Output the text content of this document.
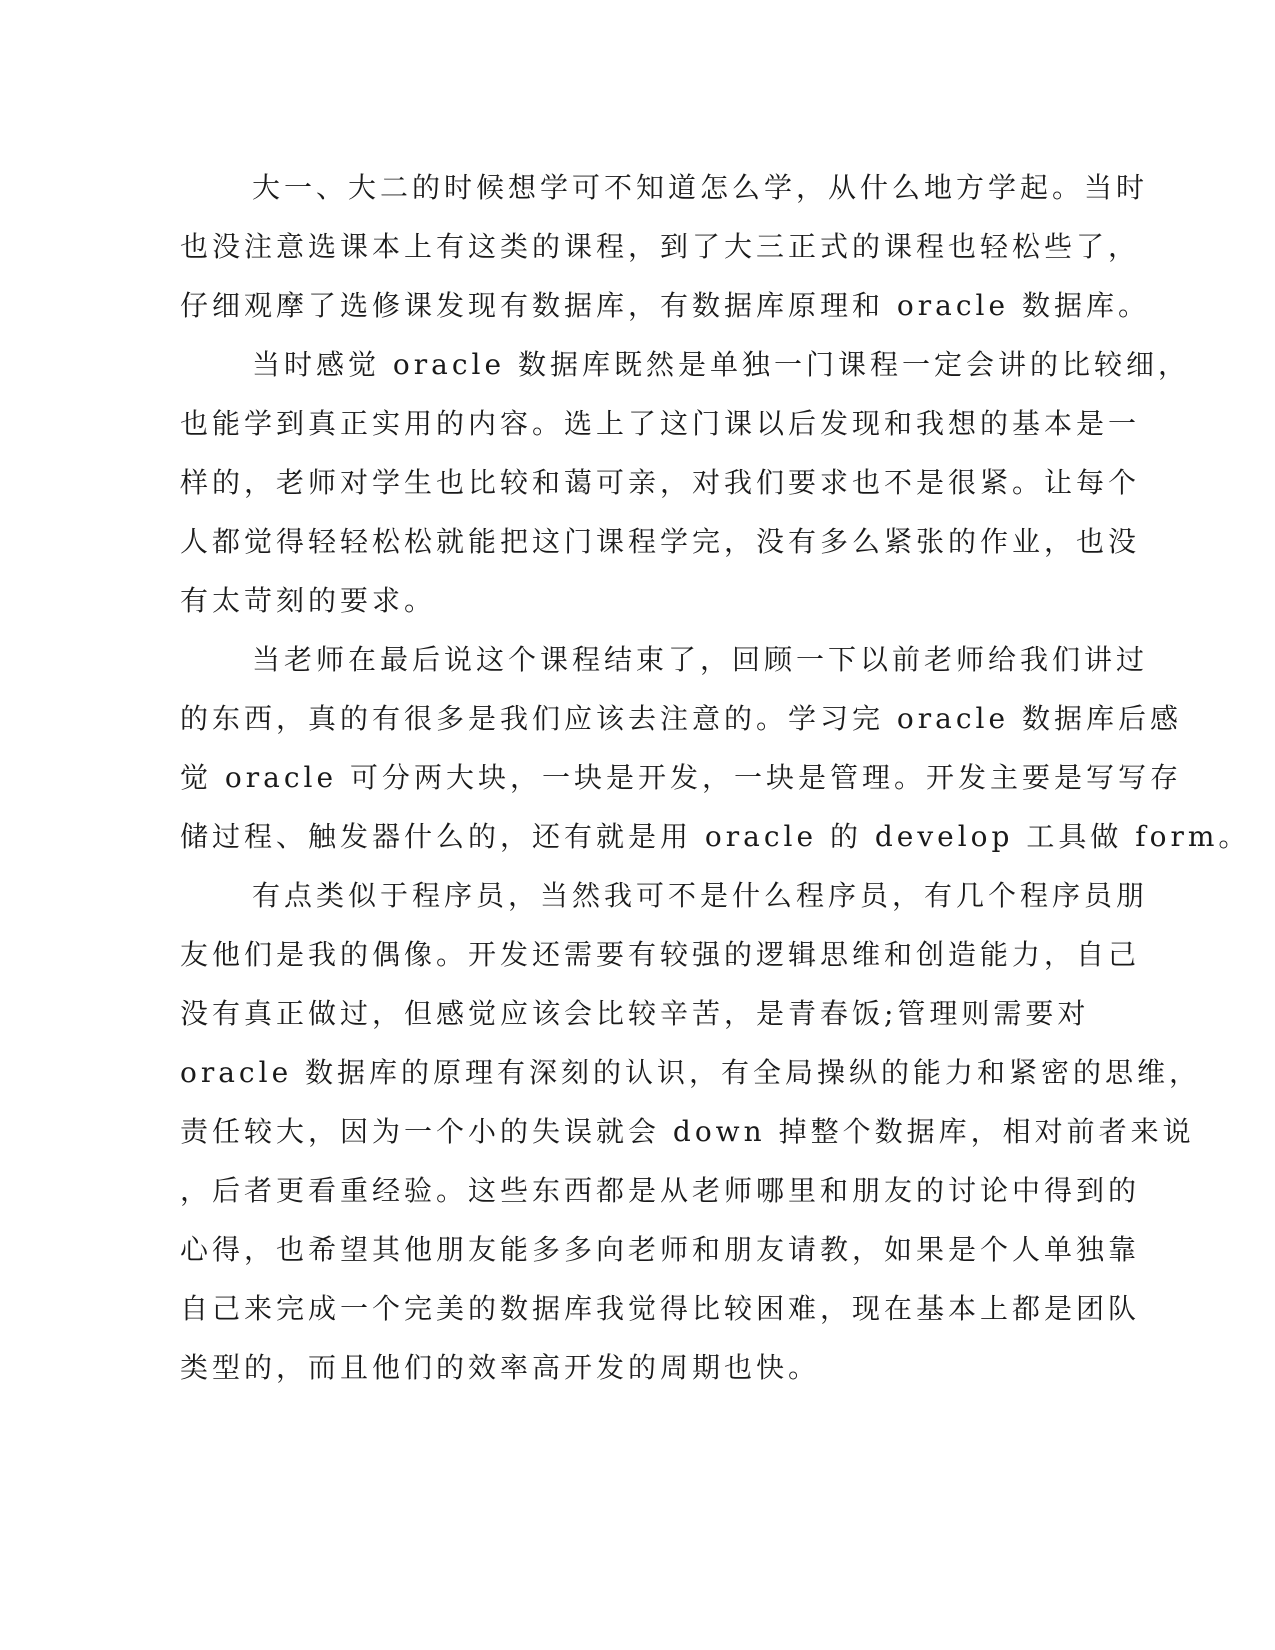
大一、大二的时候想学可不知道怎么学，从什么地方学起。当时
也没注意选课本上有这类的课程，到了大三正式的课程也轻松些了，
仔细观摩了选修课发现有数据库，有数据库原理和 oracle 数据库。
当时感觉 oracle 数据库既然是单独一门课程一定会讲的比较细，
也能学到真正实用的内容。选上了这门课以后发现和我想的基本是一
样的，老师对学生也比较和蔼可亲，对我们要求也不是很紧。让每个
人都觉得轻轻松松就能把这门课程学完，没有多么紧张的作业，也没
有太苛刻的要求。
当老师在最后说这个课程结束了，回顾一下以前老师给我们讲过
的东西，真的有很多是我们应该去注意的。学习完 oracle 数据库后感
觉 oracle 可分两大块，一块是开发，一块是管理。开发主要是写写存
储过程、触发器什么的，还有就是用 oracle 的 develop 工具做 form。
有点类似于程序员，当然我可不是什么程序员，有几个程序员朋
友他们是我的偶像。开发还需要有较强的逻辑思维和创造能力，自己
没有真正做过，但感觉应该会比较辛苦，是青春饭;管理则需要对
oracle 数据库的原理有深刻的认识，有全局操纵的能力和紧密的思维，
责任较大，因为一个小的失误就会 down 掉整个数据库，相对前者来说
，后者更看重经验。这些东西都是从老师哪里和朋友的讨论中得到的
心得，也希望其他朋友能多多向老师和朋友请教，如果是个人单独靠
自己来完成一个完美的数据库我觉得比较困难，现在基本上都是团队
类型的，而且他们的效率高开发的周期也快。
